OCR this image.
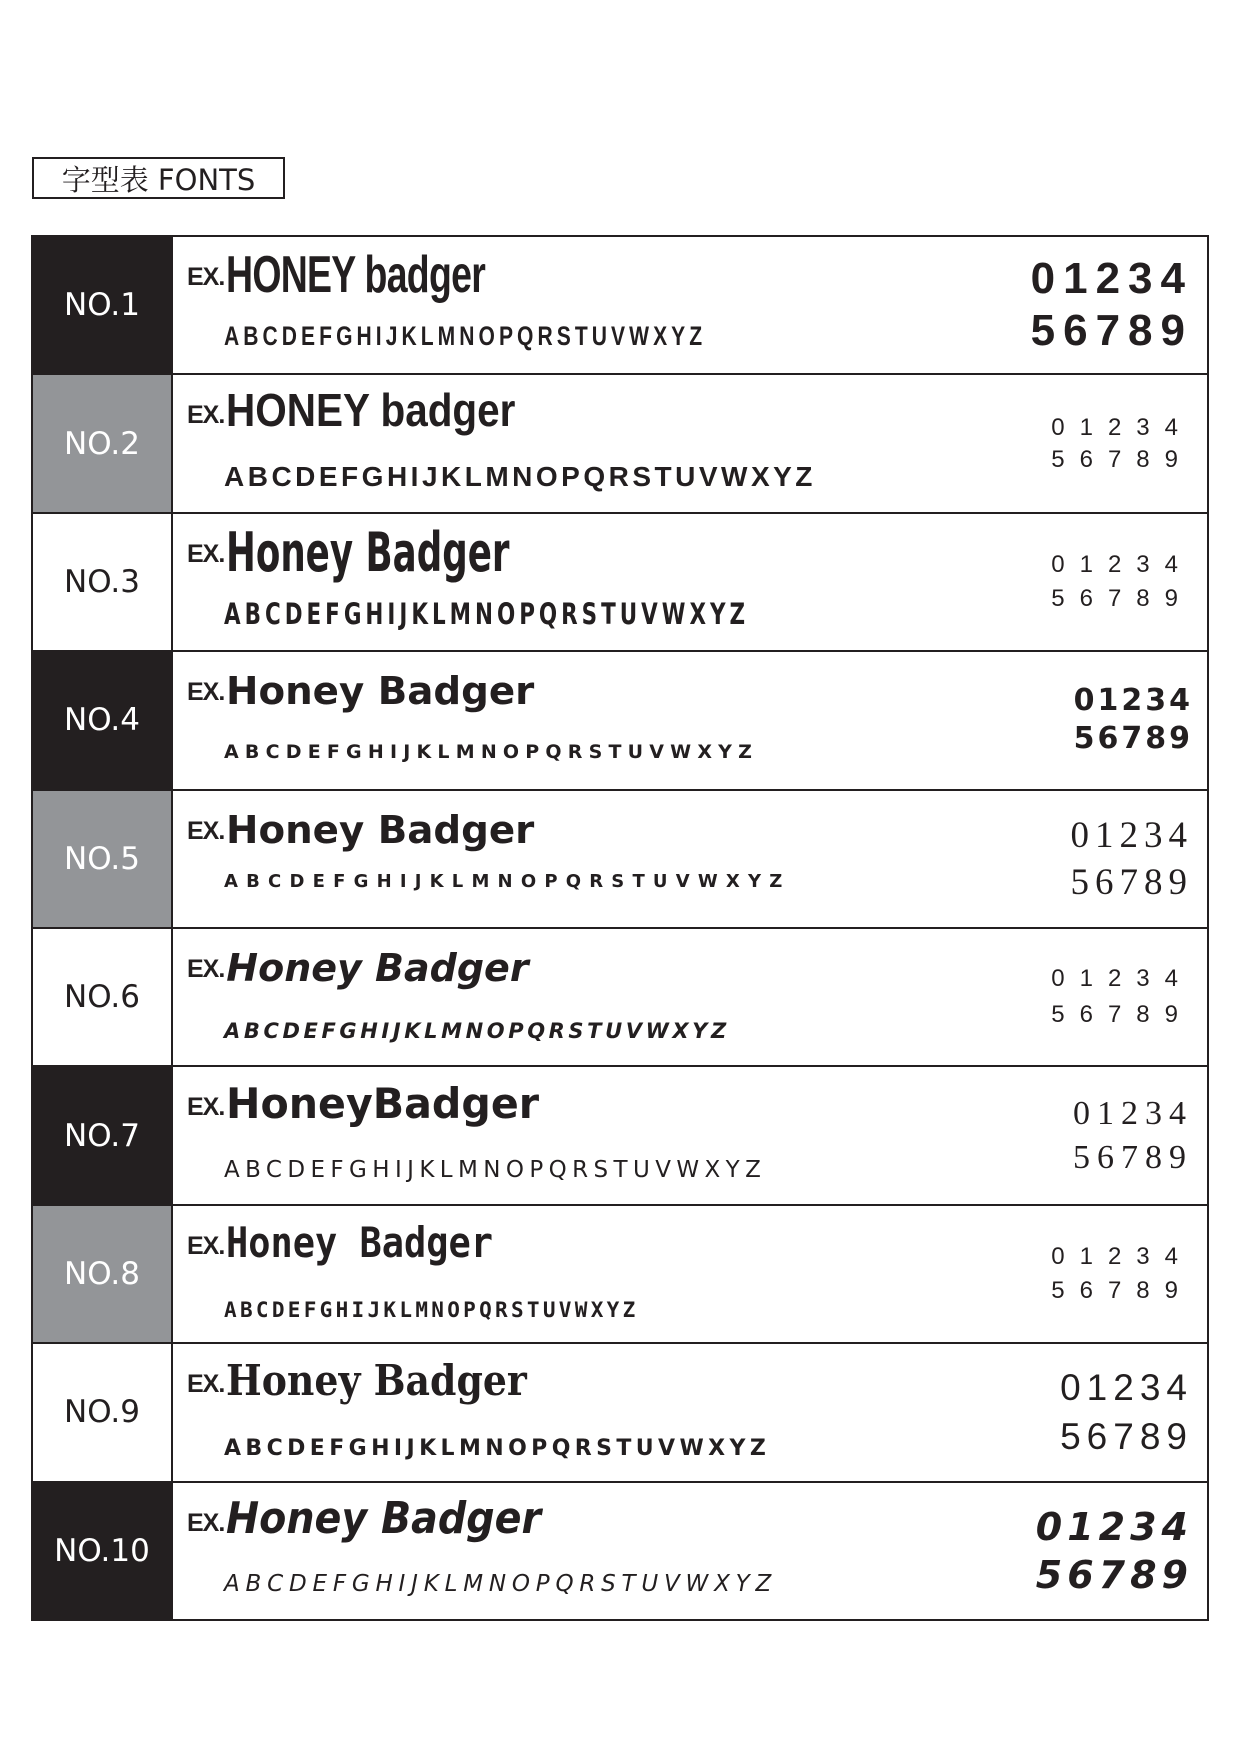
字型表 FONTS
NO.1
EX. HONEY badger
ABCDEFGHIJKLMNOPQRSTUVWXYZ
01234
56789
NO.2
EX. HONEY badger
ABCDEFGHIJKLMNOPQRSTUVWXYZ
01234
56789
NO.3
EX. Honey Badger
ABCDEFGHIJKLMNOPQRSTUVWXYZ
01234
56789
NO.4
EX. Honey Badger
ABCDEFGHIJKLMNOPQRSTUVWXYZ
01234
56789
NO.5
EX. Honey Badger
ABCDEFGHIJKLMNOPQRSTUVWXYZ
01234
56789
NO.6
EX. Honey Badger
ABCDEFGHIJKLMNOPQRSTUVWXYZ
01234
56789
NO.7
EX. HoneyBadger
ABCDEFGHIJKLMNOPQRSTUVWXYZ
01234
56789
NO.8
EX. Honey Badger
ABCDEFGHIJKLMNOPQRSTUVWXYZ
01234
56789
NO.9
EX. Honey Badger
ABCDEFGHIJKLMNOPQRSTUVWXYZ
01234
56789
NO.10
EX. Honey Badger
ABCDEFGHIJKLMNOPQRSTUVWXYZ
01234
56789
